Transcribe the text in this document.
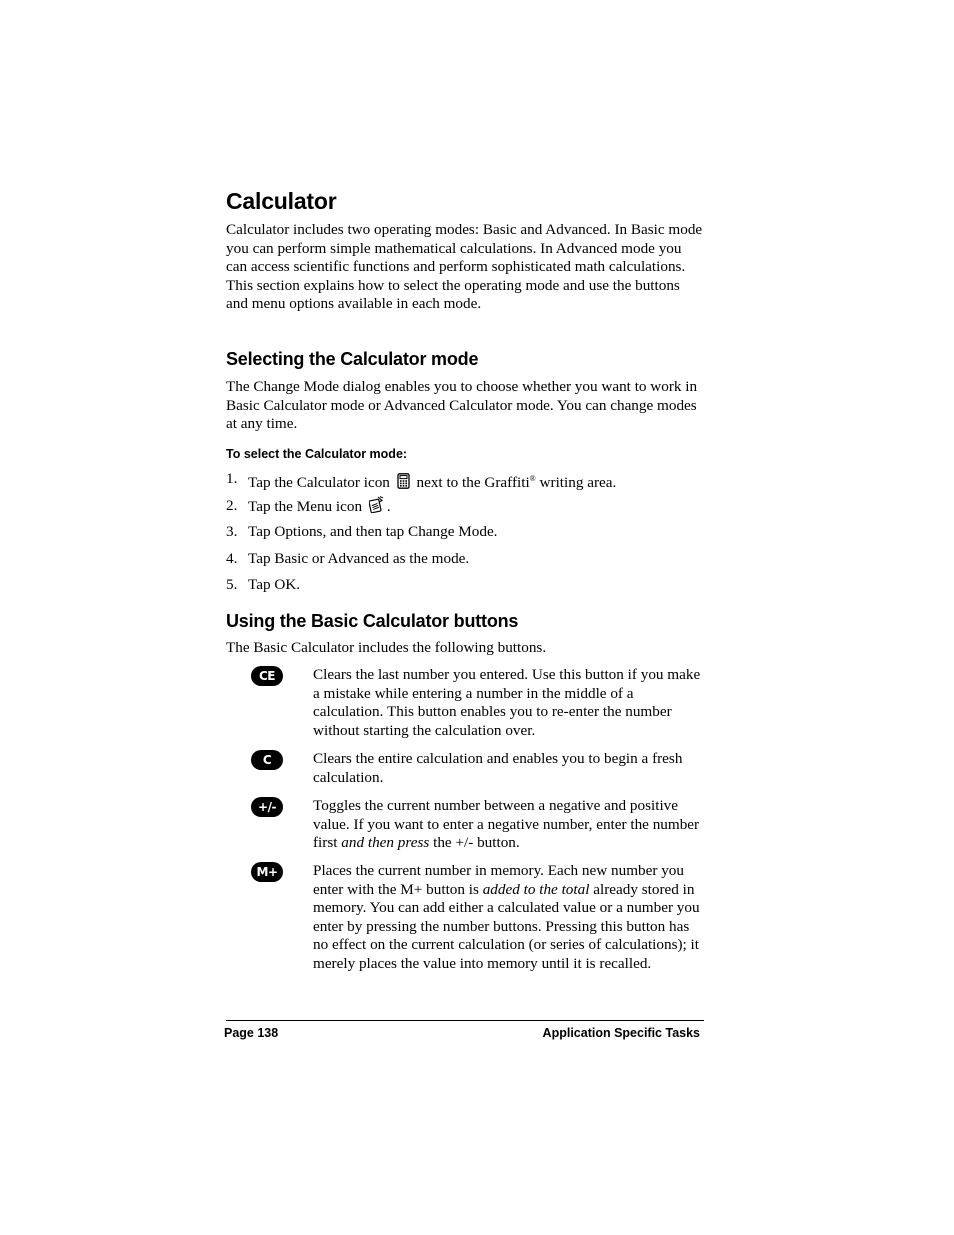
Calculator

Calculator includes two operating modes: Basic and Advanced. In Basic mode you can perform simple mathematical calculations. In Advanced mode you can access scientific functions and perform sophisticated math calculations. This section explains how to select the operating mode and use the buttons and menu options available in each mode.

Selecting the Calculator mode

The Change Mode dialog enables you to choose whether you want to work in Basic Calculator mode or Advanced Calculator mode. You can change modes at any time.

To select the Calculator mode:
1. Tap the Calculator icon next to the Graffiti® writing area.
2. Tap the Menu icon .
3. Tap Options, and then tap Change Mode.
4. Tap Basic or Advanced as the mode.
5. Tap OK.
Using the Basic Calculator buttons

The Basic Calculator includes the following buttons.

CE	Clears the last number you entered. Use this button if you make a mistake while entering a number in the middle of a calculation. This button enables you to re-enter the number without starting the calculation over.

C	Clears the entire calculation and enables you to begin a fresh calculation.

+/-	Toggles the current number between a negative and positive value. If you want to enter a negative number, enter the number first and then press the +/- button.

M+	Places the current number in memory. Each new number you enter with the M+ button is added to the total already stored in memory. You can add either a calculated value or a number you enter by pressing the number buttons. Pressing this button has no effect on the current calculation (or series of calculations); it merely places the value into memory until it is recalled.

Page 138	Application Specific Tasks
